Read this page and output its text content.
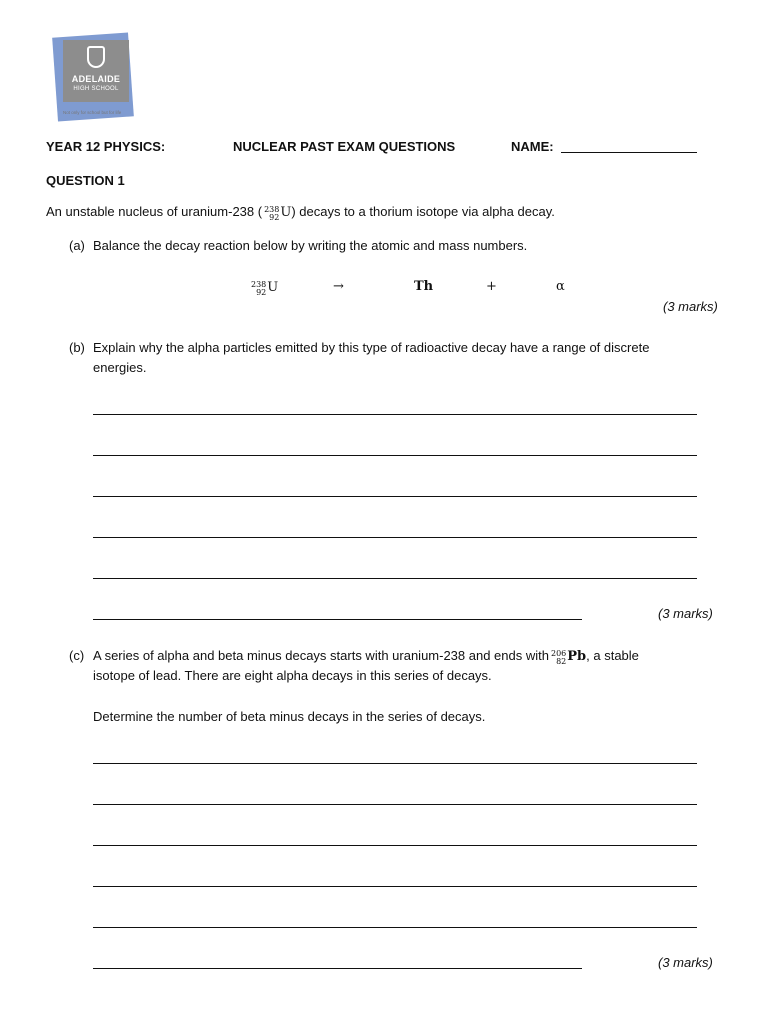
ADELAIDE
HIGH SCHOOL
Not only for school but for life
YEAR 12 PHYSICS:	NUCLEAR PAST EXAM QUESTIONS	NAME:
QUESTION 1
An unstable nucleus of uranium-238 ( 238
92 U) decays to a thorium isotope via alpha decay.
(a) Balance the decay reaction below by writing the atomic and mass numbers.
238
92 U	→	Th	+	α
(3 marks)
(b) Explain why the alpha particles emitted by this type of radioactive decay have a range of discrete
energies.
(3 marks)
(c) A series of alpha and beta minus decays starts with uranium-238 and ends with 206
82 Pb, a stable
isotope of lead. There are eight alpha decays in this series of decays.
Determine the number of beta minus decays in the series of decays.
(3 marks)
